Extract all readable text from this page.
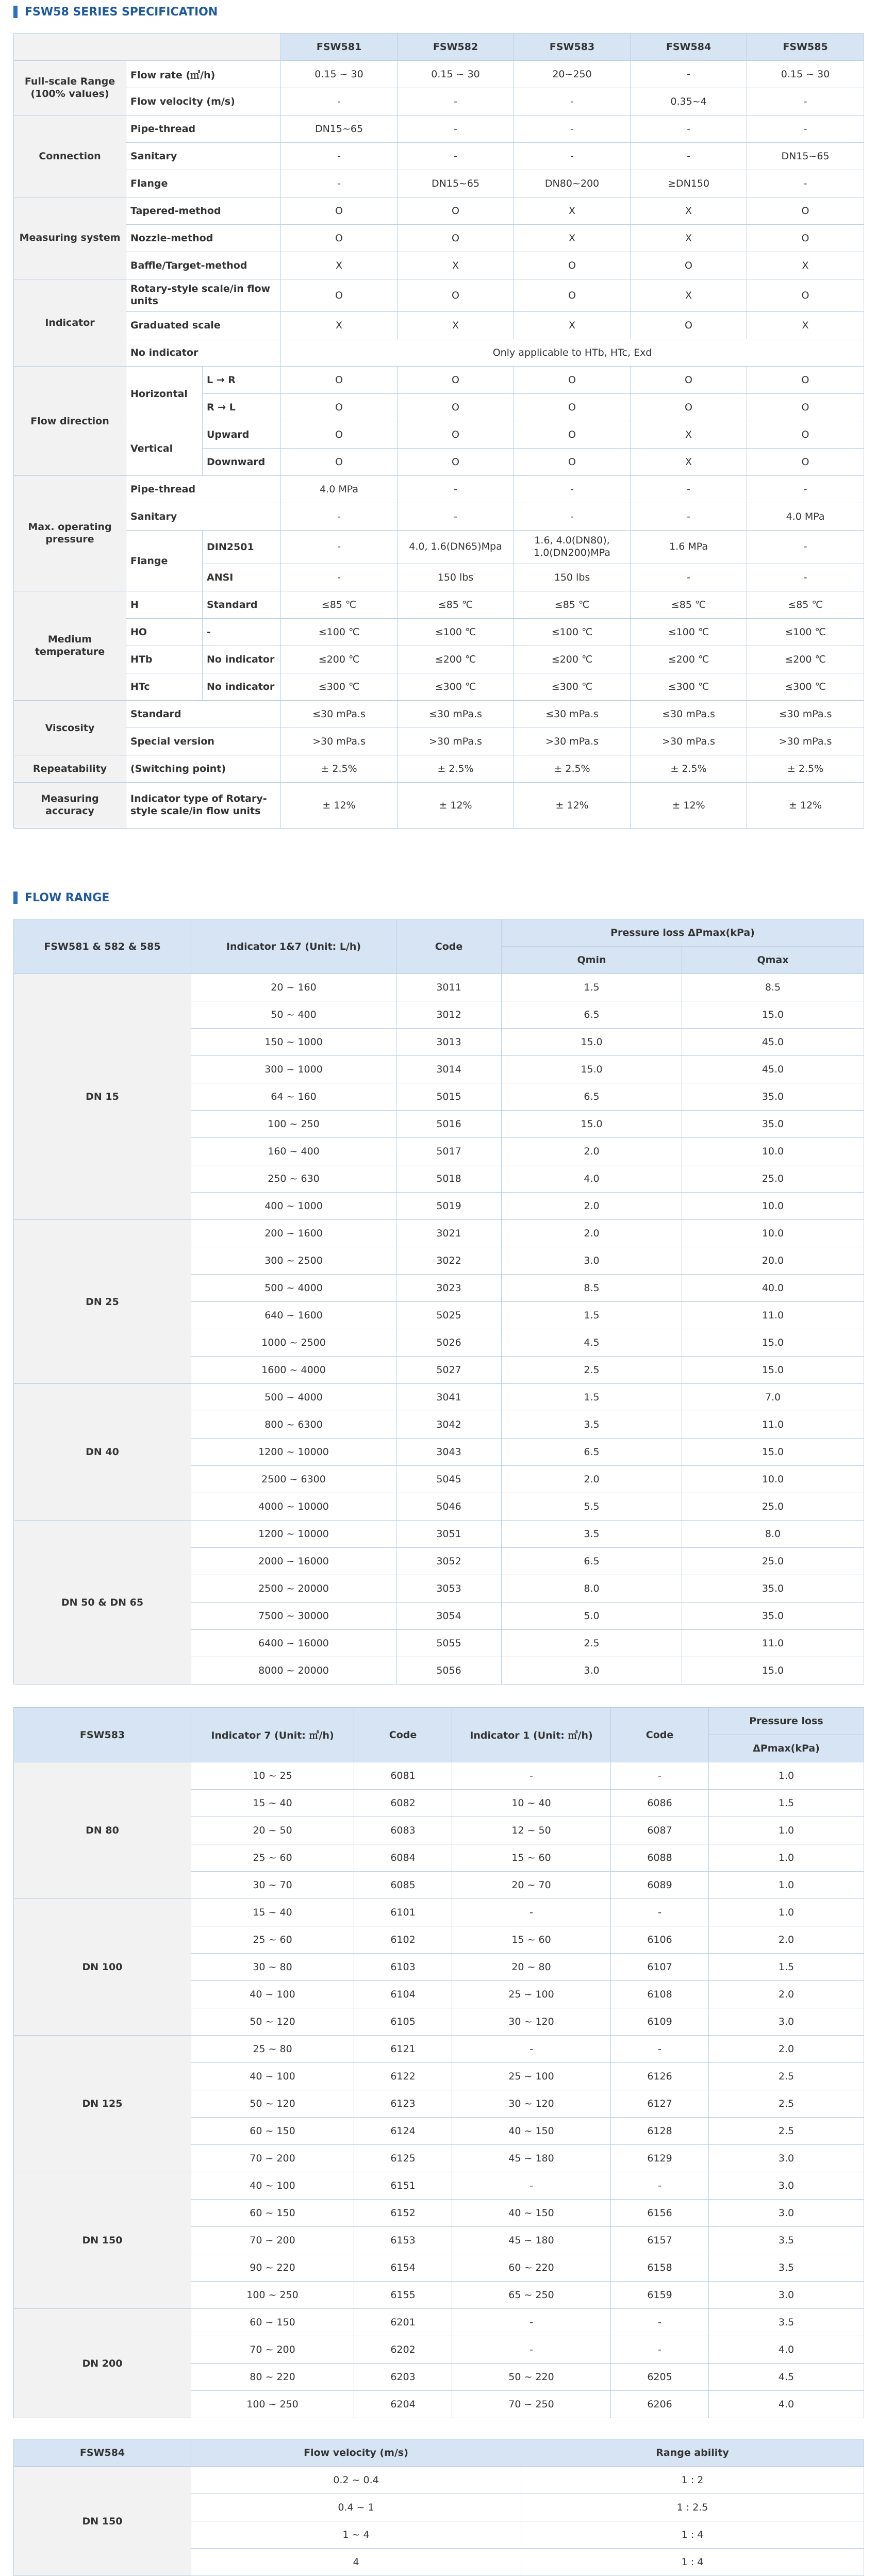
FSW58 SERIES SPECIFICATION
			FSW581	FSW582	FSW583	FSW584	FSW585
Full-scale Range (100% values)	Flow rate (㎥/h)		0.15 ~ 30	0.15 ~ 30	20~250	-	0.15 ~ 30
	Flow velocity (m/s)		-	-	-	0.35~4	-
Connection	Pipe-thread		DN15~65	-	-	-	-
	Sanitary		-	-	-	-	DN15~65
	Flange		-	DN15~65	DN80~200	≥DN150	-
Measuring system	Tapered-method		O	O	X	X	O
	Nozzle-method		O	O	X	X	O
	Baffle/Target-method		X	X	O	O	X
Indicator	Rotary-style scale/in flow units		O	O	O	X	O
	Graduated scale		X	X	X	O	X
	No indicator		Only applicable to HTb, HTc, Exd				
Flow direction	Horizontal	L → R	O	O	O	O	O
		R → L	O	O	O	O	O
	Vertical	Upward	O	O	O	X	O
		Downward	O	O	O	X	O
Max. operating pressure	Pipe-thread		4.0 MPa	-	-	-	-
	Sanitary		-	-	-	-	4.0 MPa
	Flange	DIN2501	-	4.0, 1.6(DN65)Mpa	1.6, 4.0(DN80), 1.0(DN200)MPa	1.6 MPa	-
		ANSI	-	150 lbs	150 lbs	-	-
Medium temperature	H	Standard	≤85 ℃	≤85 ℃	≤85 ℃	≤85 ℃	≤85 ℃
	HO	-	≤100 ℃	≤100 ℃	≤100 ℃	≤100 ℃	≤100 ℃
	HTb	No indicator	≤200 ℃	≤200 ℃	≤200 ℃	≤200 ℃	≤200 ℃
	HTc	No indicator	≤300 ℃	≤300 ℃	≤300 ℃	≤300 ℃	≤300 ℃
Viscosity	Standard		≤30 mPa.s	≤30 mPa.s	≤30 mPa.s	≤30 mPa.s	≤30 mPa.s
	Special version		>30 mPa.s	>30 mPa.s	>30 mPa.s	>30 mPa.s	>30 mPa.s
Repeatability	(Switching point)		± 2.5%	± 2.5%	± 2.5%	± 2.5%	± 2.5%
Measuring accuracy	Indicator type of Rotary-style scale/in flow units		± 12%	± 12%	± 12%	± 12%	± 12%
FLOW RANGE
FSW581 & 582 & 585	Indicator 1&7 (Unit: L/h)	Code	Pressure loss ΔPmax(kPa)	
			Qmin	Qmax
DN 15	20 ~ 160	3011	1.5	8.5
	50 ~ 400	3012	6.5	15.0
	150 ~ 1000	3013	15.0	45.0
	300 ~ 1000	3014	15.0	45.0
	64 ~ 160	5015	6.5	35.0
	100 ~ 250	5016	15.0	35.0
	160 ~ 400	5017	2.0	10.0
	250 ~ 630	5018	4.0	25.0
	400 ~ 1000	5019	2.0	10.0
DN 25	200 ~ 1600	3021	2.0	10.0
	300 ~ 2500	3022	3.0	20.0
	500 ~ 4000	3023	8.5	40.0
	640 ~ 1600	5025	1.5	11.0
	1000 ~ 2500	5026	4.5	15.0
	1600 ~ 4000	5027	2.5	15.0
DN 40	500 ~ 4000	3041	1.5	7.0
	800 ~ 6300	3042	3.5	11.0
	1200 ~ 10000	3043	6.5	15.0
	2500 ~ 6300	5045	2.0	10.0
	4000 ~ 10000	5046	5.5	25.0
DN 50 & DN 65	1200 ~ 10000	3051	3.5	8.0
	2000 ~ 16000	3052	6.5	25.0
	2500 ~ 20000	3053	8.0	35.0
	7500 ~ 30000	3054	5.0	35.0
	6400 ~ 16000	5055	2.5	11.0
	8000 ~ 20000	5056	3.0	15.0
FSW583	Indicator 7 (Unit: ㎥/h)	Code	Indicator 1 (Unit: ㎥/h)	Code	Pressure loss
					ΔPmax(kPa)
DN 80	10 ~ 25	6081	-	-	1.0
	15 ~ 40	6082	10 ~ 40	6086	1.5
	20 ~ 50	6083	12 ~ 50	6087	1.0
	25 ~ 60	6084	15 ~ 60	6088	1.0
	30 ~ 70	6085	20 ~ 70	6089	1.0
DN 100	15 ~ 40	6101	-	-	1.0
	25 ~ 60	6102	15 ~ 60	6106	2.0
	30 ~ 80	6103	20 ~ 80	6107	1.5
	40 ~ 100	6104	25 ~ 100	6108	2.0
	50 ~ 120	6105	30 ~ 120	6109	3.0
DN 125	25 ~ 80	6121	-	-	2.0
	40 ~ 100	6122	25 ~ 100	6126	2.5
	50 ~ 120	6123	30 ~ 120	6127	2.5
	60 ~ 150	6124	40 ~ 150	6128	2.5
	70 ~ 200	6125	45 ~ 180	6129	3.0
DN 150	40 ~ 100	6151	-	-	3.0
	60 ~ 150	6152	40 ~ 150	6156	3.0
	70 ~ 200	6153	45 ~ 180	6157	3.5
	90 ~ 220	6154	60 ~ 220	6158	3.5
	100 ~ 250	6155	65 ~ 250	6159	3.0
DN 200	60 ~ 150	6201	-	-	3.5
	70 ~ 200	6202	-	-	4.0
	80 ~ 220	6203	50 ~ 220	6205	4.5
	100 ~ 250	6204	70 ~ 250	6206	4.0
FSW584	Flow velocity (m/s)	Range ability
DN 150	0.2 ~ 0.4	1 : 2
	0.4 ~ 1	1 : 2.5
	1 ~ 4	1 : 4
	4	1 : 4
